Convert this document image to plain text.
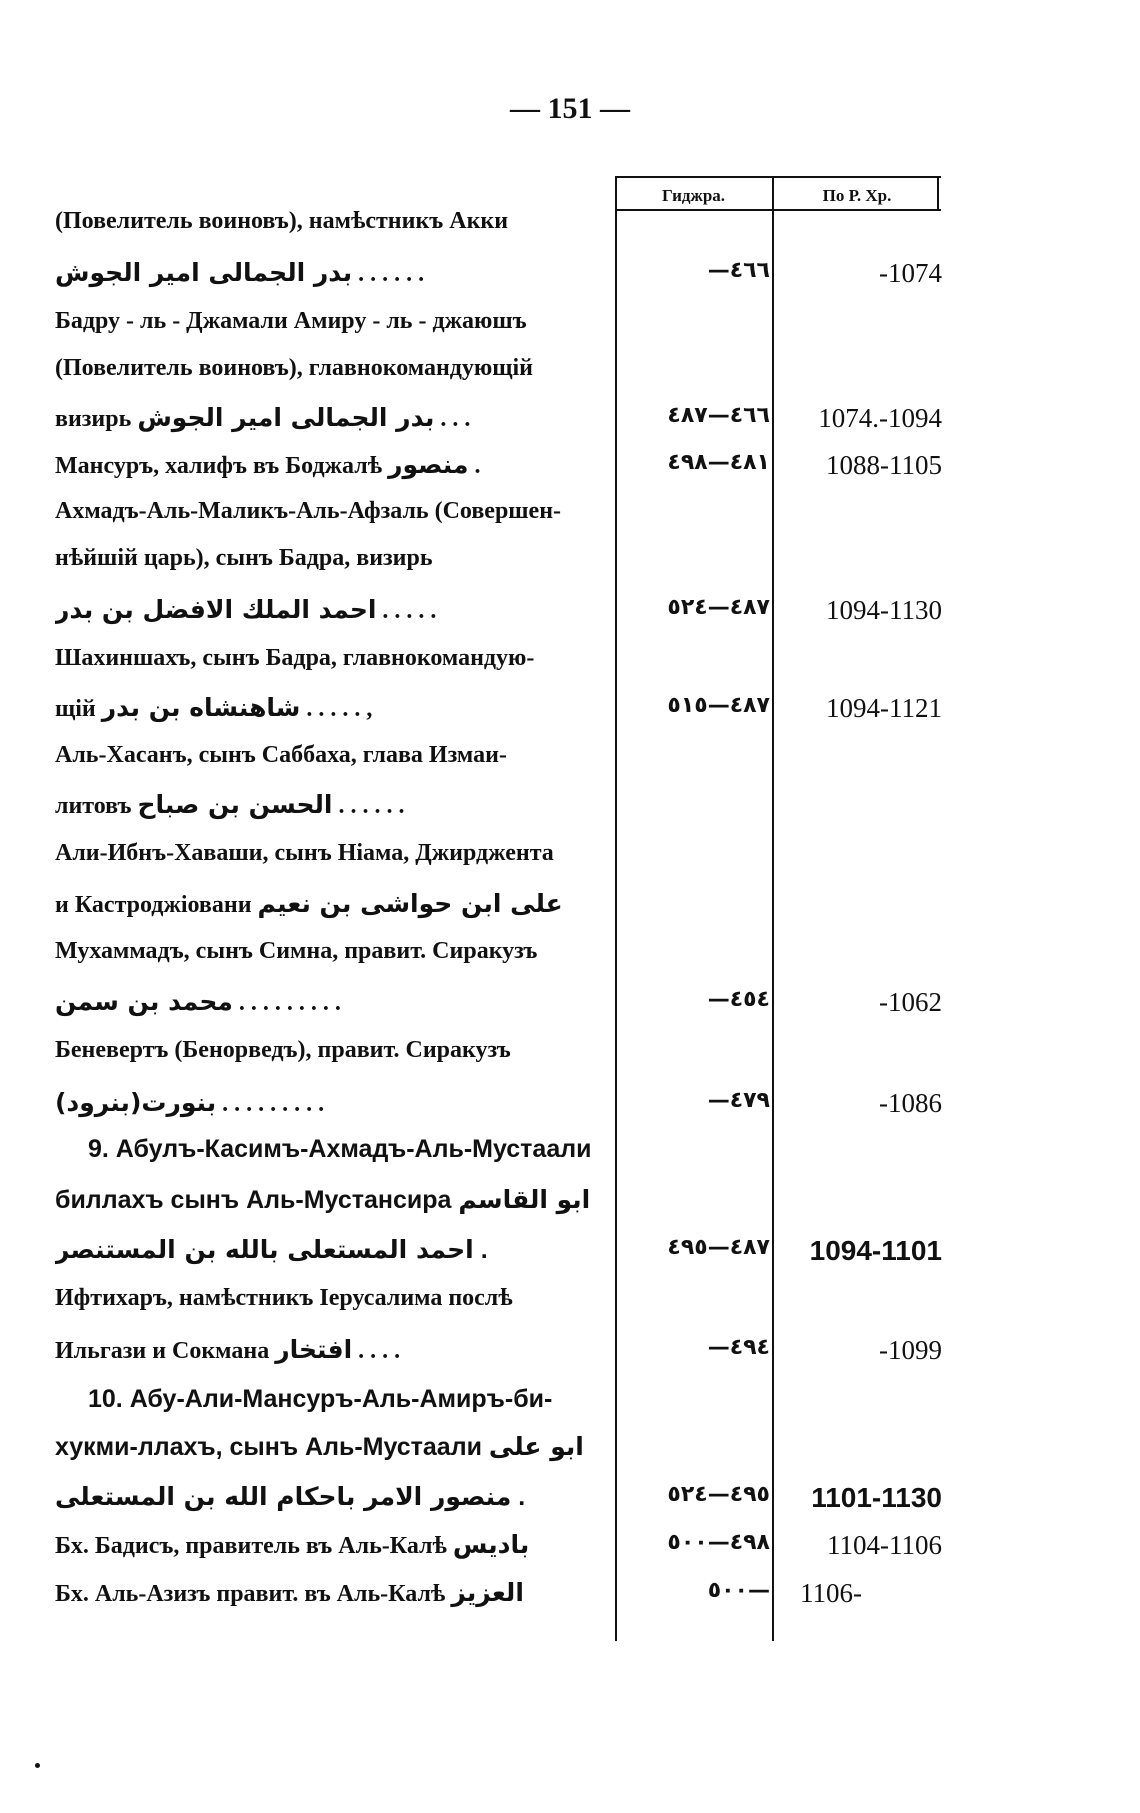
— 151 —
Гиджра.	По Р. Хр.
(Повелитель воиновъ), намѣстникъ Акки
بدر الجمالی امیر الجوش . . . . . .	—٤٦٦	-1074
Бадру - ль - Джамали Амиру - ль - джаюшъ
(Повелитель воиновъ), главнокомандующій
визирь بدر الجمالی امیر الجوش . . .	٤٦٦—٤٨٧	1074.-1094
Мансуръ, халифъ въ Боджалѣ منصور .	٤٨١—٤٩٨	1088-1105
Ахмадъ-Аль-Маликъ-Аль-Афзаль (Совершен-
нѣйшій царь), сынъ Бадра, визирь
احمد الملك الافضل بن بدر . . . . .	٤٨٧—٥٢٤	1094-1130
Шахиншахъ, сынъ Бадра, главнокомандую-
щій شاهنشاه بن بدر . . . . . ,	٤٨٧—٥١٥	1094-1121
Аль-Хасанъ, сынъ Саббаха, глава Измаи-
литовъ الحسن بن صباح . . . . . .
Али-Ибнъ-Хаваши, сынъ Ніама, Джирджента
и Кастроджіовани علی ابن حواشی بن نعیم
Мухаммадъ, сынъ Симна, правит. Сиракузъ
محمد بن سمن . . . . . . . . .	—٤٥٤	-1062
Беневертъ (Бенорведъ), правит. Сиракузъ
بنورت(بنرود) . . . . . . . . .	—٤٧٩	-1086
9. Абулъ-Касимъ-Ахмадъ-Аль-Мустаали
биллахъ сынъ Аль-Мустансира ابو القاسم
احمد المستعلى بالله بن المستنصر .	٤٨٧—٤٩٥	1094-1101
Ифтихаръ, намѣстникъ Іерусалима послѣ
Ильгази и Сокмана افتخار . . . .	—٤٩٤	-1099
10. Абу-Али-Мансуръ-Аль-Амиръ-би-
хукми-ллахъ, сынъ Аль-Мустаали ابو علی
منصور الامر باحكام الله بن المستعلى .	٤٩٥—٥٢٤	1101-1130
Бх. Бадисъ, правитель въ Аль-Калѣ باديس	٤٩٨—٥٠٠	1104-1106
Бх. Аль-Азизъ правит. въ Аль-Калѣ العزيز	٥٠٠— 1106-
